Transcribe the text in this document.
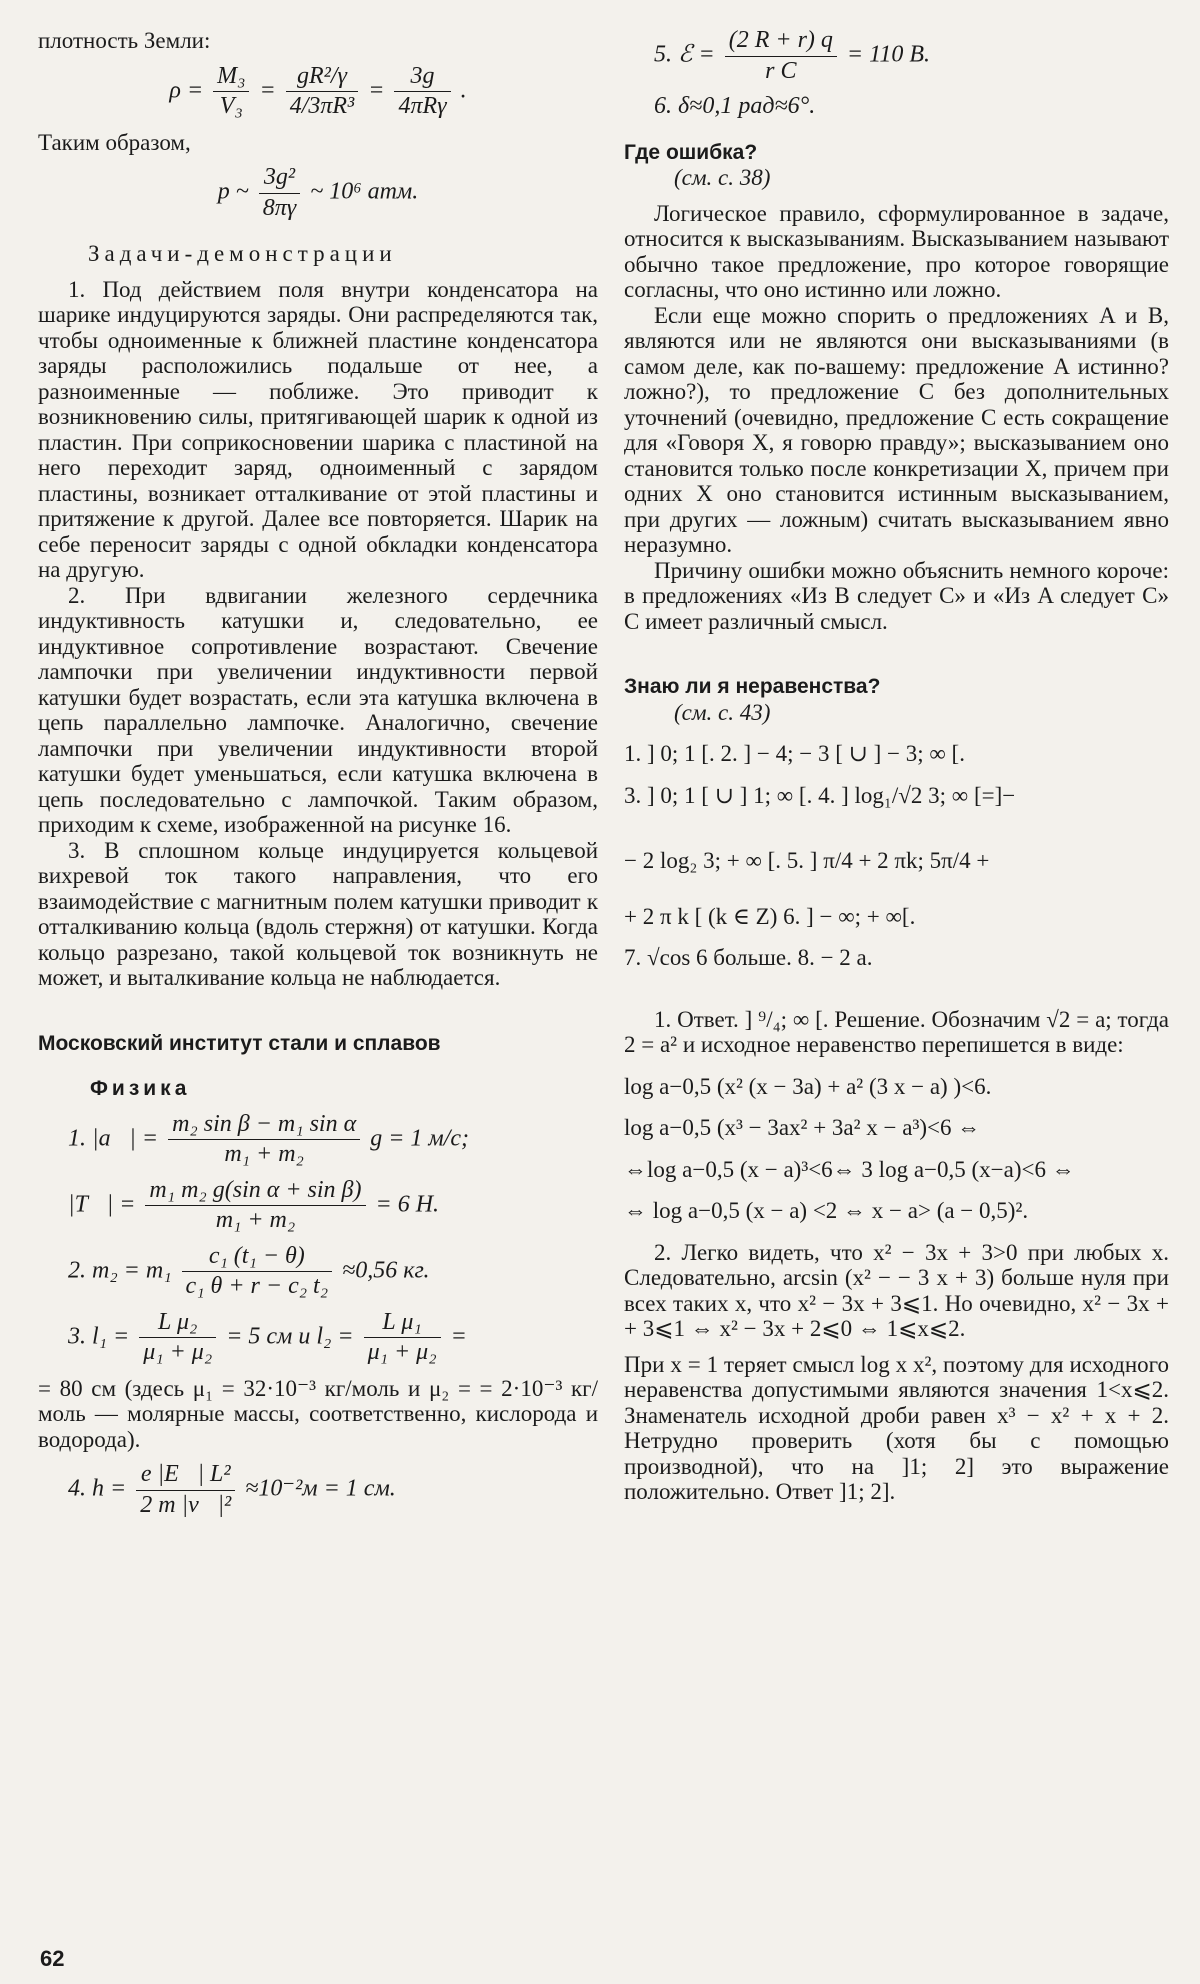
плотность Земли:

$\rho = \frac{\text{M₃}}{\text{V₃}} = \frac{\text{gR²/γ}}{\text{4/3πR³}} = \frac{3g}{\text{4πRγ}}$ .

Таким образом,

p ~ $\frac{\text{3g²}}{8\pi\gamma}$ ~ 10⁶ атм.

Задачи-демонстрации

1. Под действием поля внутри конденсатора на шарике индуцируются заряды. Они распределяются так, чтобы одноименные к ближней пластине конденсатора заряды расположились подальше от нее, а разноименные — поближе. Это приводит к возникновению силы, притягивающей шарик к одной из пластин. При соприкосновении шарика с пластиной на него переходит заряд, одноименный с зарядом пластины, возникает отталкивание от этой пластины и притяжение к другой. Далее все повторяется. Шарик на себе переносит заряды с одной обкладки конденсатора на другую.

2. При вдвигании железного сердечника индуктивность катушки и, следовательно, ее индуктивное сопротивление возрастают. Свечение лампочки при увеличении индуктивности первой катушки будет возрастать, если эта катушка включена в цепь параллельно лампочке. Аналогично, свечение лампочки при увеличении индуктивности второй катушки будет уменьшаться, если катушка включена в цепь последовательно с лампочкой. Таким образом, приходим к схеме, изображенной на рисунке 16.

3. В сплошном кольце индуцируется кольцевой вихревой ток такого направления, что его взаимодействие с магнитным полем катушки приводит к отталкиванию кольца (вдоль стержня) от катушки. Когда кольцо разрезано, такой кольцевой ток возникнуть не может, и выталкивание кольца не наблюдается.

Московский институт стали и сплавов

Физика

1. |a⃗| = $\frac{\text{m₂ sin β − m₁ sin α}}{\text{m₁ + m₂}}$ g = 1 м/с;
|T⃗| = $\frac{\text{m₁ m₂ g(sin α + sin β)}}{\text{m₁ + m₂}} = 6$ Н.
2. $m_2 = m_1 \frac{\text{c₁ (t₁ − θ)}}{\text{c₁ θ + r − c₂ t₂}} \approx 0,56$ кг.
3. $l_1 = \frac{\text{L μ₂}}{\text{μ₁ + μ₂}} = 5$ см и $l_2 = \frac{\text{L μ₁}}{\text{μ₁ + μ₂}}$ =

= 80 см (здесь μ₁ = 32·10⁻³ кг/моль и μ₂ = = 2·10⁻³ кг/моль — молярные массы, соответственно, кислорода и водорода).

4. $h = \frac{\text{e |E⃗| L²}}{\text{2 m |v⃗|²}} \approx 10^{-2}м = 1$ см.
5. ℰ = $\frac{(2 R + r) q}{\text{r C}} = 110$ В.

6. δ≈0,1 рад≈6°.

Где ошибка?

(см. с. 38)

Логическое правило, сформулированное в задаче, относится к высказываниям. Высказыванием называют обычно такое предложение, про которое говорящие согласны, что оно истинно или ложно.

Если еще можно спорить о предложениях A и B, являются или не являются они высказываниями (в самом деле, как по-вашему: предложение A истинно? ложно?), то предложение C без дополнительных уточнений (очевидно, предложение C есть сокращение для «Говоря X, я говорю правду»; высказыванием оно становится только после конкретизации X, причем при одних X оно становится истинным высказыванием, при других — ложным) считать высказыванием явно неразумно.

Причину ошибки можно объяснить немного короче: в предложениях «Из B следует C» и «Из A следует C» C имеет различный смысл.

Знаю ли я неравенства?

(см. с. 43)

1. ] 0; 1 [. 2. ] − 4; − 3 [ ∪ ] − 3; ∞ [.

3. ] 0; 1 [ ∪ ] 1; ∞ [. 4. ] log₁/√2 3; ∞ [=]−

− 2 log₂ 3; + ∞ [. 5. ] π/4 + 2 πk; 5π/4 +

+ 2 π k [ (k ∈ Z) 6. ] − ∞; + ∞[.

7. √cos 6 больше. 8. − 2 a.

1. Ответ. ] ⁹/₄; ∞ [. Решение. Обозначим √2 = a; тогда 2 = a² и исходное неравенство перепишется в виде:

log a−0,5 (x² (x − 3a) + a² (3 x − a) )<6.

log a−0,5 (x³ − 3ax² + 3a² x − a³)<6 ⇔

⇔log a−0,5 (x − a)³<6⇔ 3 log a−0,5 (x−a)<6 ⇔

⇔ log a−0,5 (x − a) <2 ⇔ x − a> (a − 0,5)².

2. Легко видеть, что x² − 3x + 3>0 при любых x. Следовательно, arcsin (x² − − 3 x + 3) больше нуля при всех таких x, что x² − 3x + 3⩽1. Но очевидно, x² − 3x + + 3⩽1 ⇔ x² − 3x + 2⩽0 ⇔ 1⩽x⩽2.

При x = 1 теряет смысл log x x², поэтому для исходного неравенства допустимыми являются значения 1<x⩽2. Знаменатель исходной дроби равен x³ − x² + x + 2. Нетрудно проверить (хотя бы с помощью производной), что на ]1; 2] это выражение положительно. Ответ ]1; 2].

62
